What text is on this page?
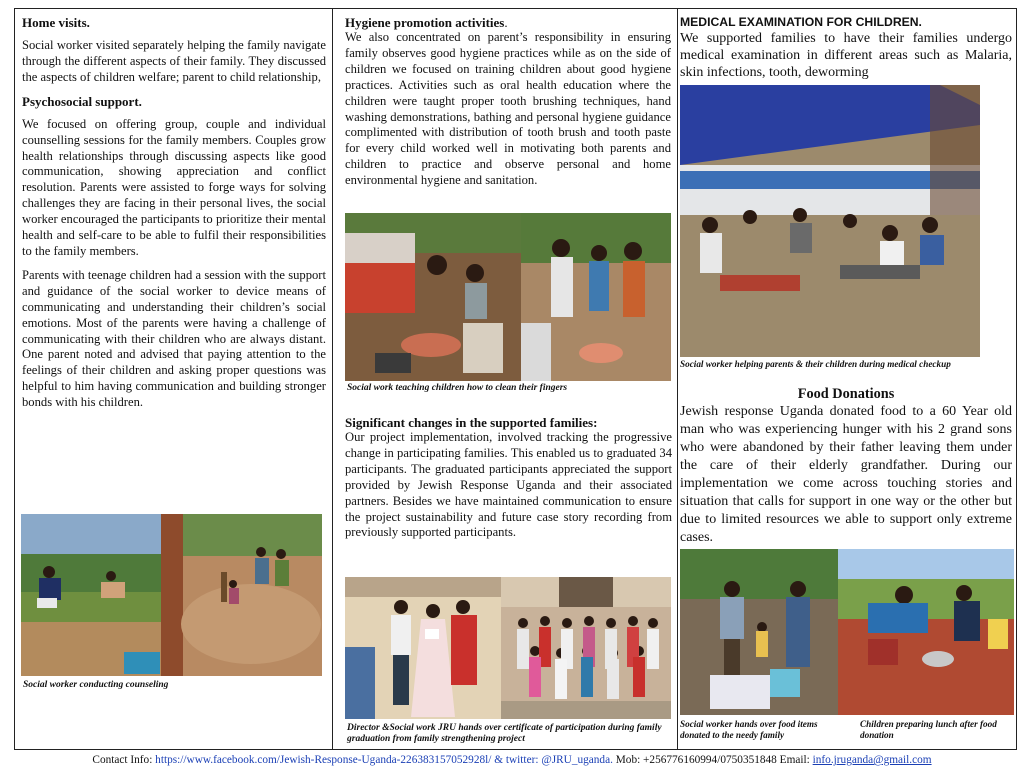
Home visits.

Social worker visited separately helping the family navigate through the different aspects of their family. They discussed the aspects of children welfare; parent to child relationship,

Psychosocial support.

We focused on offering group, couple and individual counselling sessions for the family members. Couples grow health relationships through discussing aspects like good communication, showing appreciation and conflict resolution. Parents were assisted to forge ways for solving challenges they are facing in their personal lives, the social worker encouraged the participants to prioritize their mental health and self-care to be able to fulfil their responsibilities to the family members.

Parents with teenage children had a session with the support and guidance of the social worker to device means of communicating and understanding their children’s social emotions. Most of the parents were having a challenge of communicating with their children who are always distant. One parent noted and advised that paying attention to the feelings of their children and asking proper questions was helpful to him having communication and building stronger bonds with his children.

Social worker conducting counseling
Hygiene promotion activities.

We also concentrated on parent’s responsibility in ensuring family observes good hygiene practices while as on the side of children we focused on training children about good hygiene practices. Activities such as oral health education where the children were taught proper tooth brushing techniques, hand washing demonstrations, bathing and personal hygiene guidance complimented with distribution of tooth brush and tooth paste for every child worked well in motivating both parents and children to practice and observe personal and home environmental hygiene and sanitation.

Social work teaching children how to clean their fingers
Significant changes in the supported families:

Our project implementation, involved tracking the progressive change in participating families. This enabled us to graduated 34 participants. The graduated participants appreciated the support provided by Jewish Response Uganda and their associated partners. Besides we have maintained communication to ensure the project sustainability and future case story recording from previously supported participants.

Director &Social work JRU hands over certificate of participation during family graduation from family strengthening project
MEDICAL EXAMINATION FOR CHILDREN.

We supported families to have their families undergo medical examination in different areas such as Malaria, skin infections, tooth, deworming

Social worker helping parents & their children during medical checkup
Food Donations

Jewish response Uganda donated food to a 60 Year old man who was experiencing hunger with his 2 grand sons who were abandoned by their father leaving them under the care of their elderly grandfather. During our implementation we come across touching stories and situation that calls for support in one way or the other but due to limited resources we able to support only extreme cases.

Social worker hands over food items donated to the needy family
Children preparing lunch after food donation
Contact Info: https://www.facebook.com/Jewish-Response-Uganda-226383157052928l/ & twitter: @JRU_uganda. Mob: +256776160994/0750351848 Email: info.jruganda@gmail.com
